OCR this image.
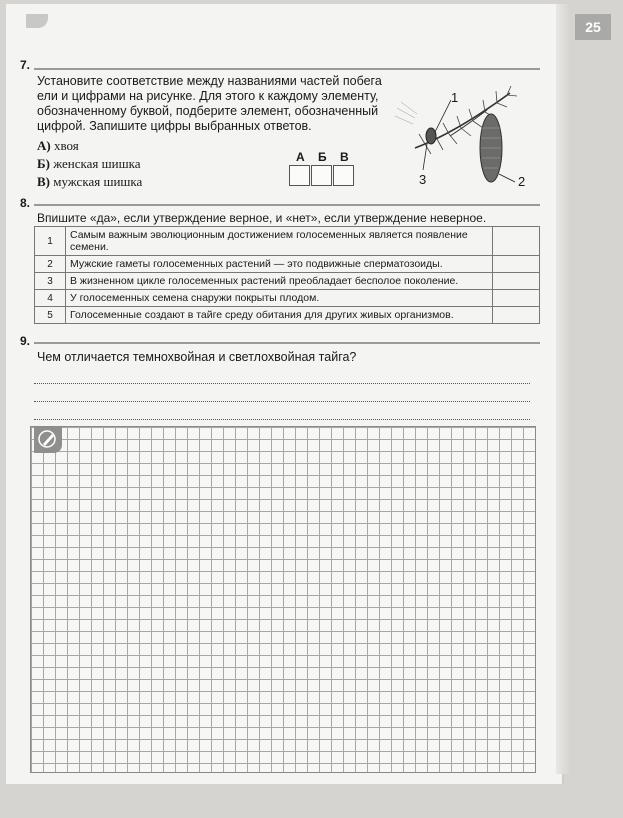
25
7.
Установите соответствие между названиями частей побега
ели и цифрами на рисунке. Для этого к каждому элементу,
обозначенному буквой, подберите элемент, обозначенный
цифрой. Запишите цифры выбранных ответов.
А) хвоя
Б) женская шишка
В) мужская шишка
А Б В
1
2
3
8.
Впишите «да», если утверждение верное, и «нет», если утверждение неверное.
1	Самым важным эволюционным достижением голосеменных является появление семени.	
2	Мужские гаметы голосеменных растений — это подвижные сперматозоиды.	
3	В жизненном цикле голосеменных растений преобладает бесполое поколение.	
4	У голосеменных семена снаружи покрыты плодом.	
5	Голосеменные создают в тайге среду обитания для других живых организмов.	
9.
Чем отличается темнохвойная и светлохвойная тайга?
